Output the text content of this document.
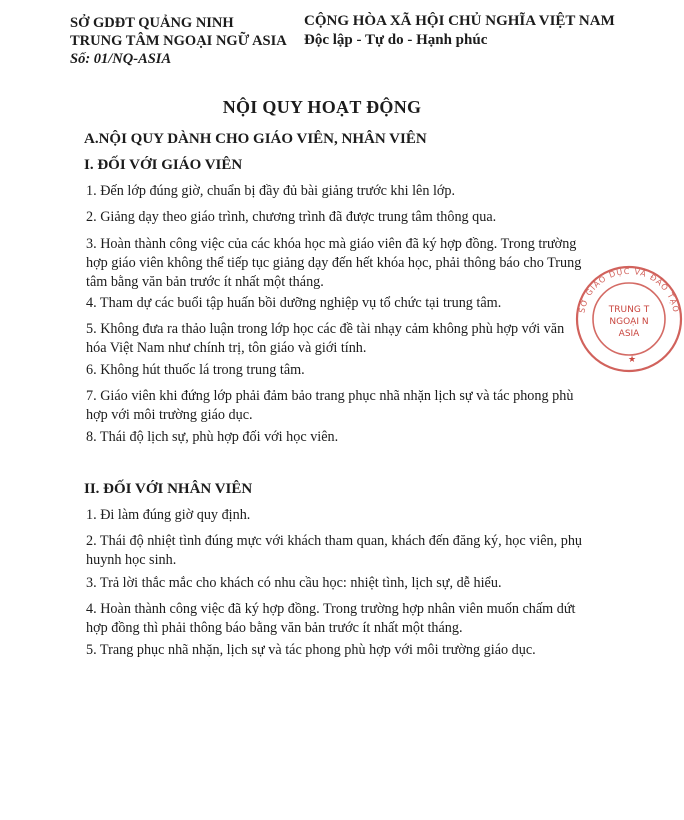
SỞ GDĐT QUẢNG NINH
TRUNG TÂM NGOẠI NGỮ ASIA
Số: 01/NQ-ASIA
CỘNG HÒA XÃ HỘI CHỦ NGHĨA VIỆT NAM
Độc lập - Tự do - Hạnh phúc
NỘI QUY HOẠT ĐỘNG
A.NỘI QUY DÀNH CHO GIÁO VIÊN, NHÂN VIÊN
I. ĐỐI VỚI GIÁO VIÊN
1. Đến lớp đúng giờ, chuẩn bị đầy đủ bài giảng trước khi lên lớp.
2. Giảng dạy theo giáo trình, chương trình đã được trung tâm thông qua.
3. Hoàn thành công việc của các khóa học mà giáo viên đã ký hợp đồng. Trong trường hợp giáo viên không thể tiếp tục giảng dạy đến hết khóa học, phải thông báo cho Trung tâm bằng văn bản trước ít nhất một tháng.
4. Tham dự các buổi tập huấn bồi dưỡng nghiệp vụ tổ chức tại trung tâm.
5. Không đưa ra thảo luận trong lớp học các đề tài nhạy cảm không phù hợp với văn hóa Việt Nam như chính trị, tôn giáo và giới tính.
6. Không hút thuốc lá trong trung tâm.
7. Giáo viên khi đứng lớp phải đảm bảo trang phục nhã nhặn lịch sự và tác phong phù hợp với môi trường giáo dục.
8. Thái độ lịch sự, phù hợp đối với học viên.
II. ĐỐI VỚI NHÂN VIÊN
1. Đi làm đúng giờ quy định.
2. Thái độ nhiệt tình đúng mực với khách tham quan, khách đến đăng ký, học viên, phụ huynh học sinh.
3. Trả lời thắc mắc cho khách có nhu cầu học: nhiệt tình, lịch sự, dễ hiểu.
4. Hoàn thành công việc đã ký hợp đồng. Trong trường hợp nhân viên muốn chấm dứt hợp đồng thì phải thông báo bằng văn bản trước ít nhất một tháng.
5. Trang phục nhã nhặn, lịch sự và tác phong phù hợp với môi trường giáo dục.
SỞ GIÁO DỤC VÀ ĐÀO TẠO
TRUNG T
NGOẠI N
ASIA
★
